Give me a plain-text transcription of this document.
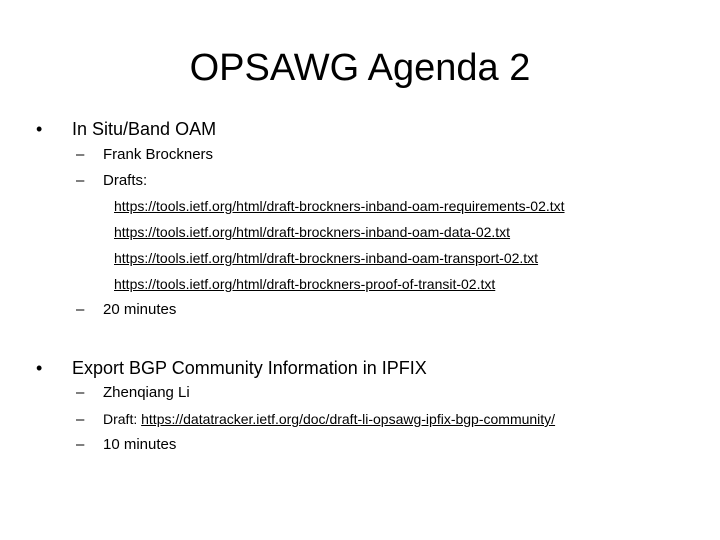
OPSAWG Agenda 2
• In Situ/Band OAM
– Frank Brockners
– Drafts:
https://tools.ietf.org/html/draft-brockners-inband-oam-requirements-02.txt
https://tools.ietf.org/html/draft-brockners-inband-oam-data-02.txt
https://tools.ietf.org/html/draft-brockners-inband-oam-transport-02.txt
https://tools.ietf.org/html/draft-brockners-proof-of-transit-02.txt
– 20 minutes
• Export BGP Community Information in IPFIX
– Zhenqiang Li
– Draft: https://datatracker.ietf.org/doc/draft-li-opsawg-ipfix-bgp-community/
– 10 minutes
